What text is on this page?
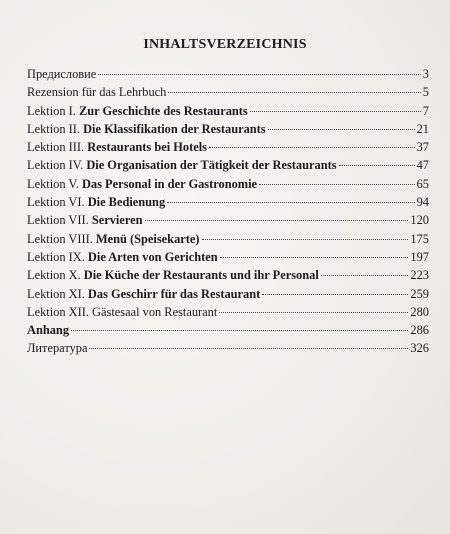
INHALTSVERZEICHNIS
Предисловие	3
Rezension für das Lehrbuch	5
Lektion I. Zur Geschichte des Restaurants	7
Lektion II. Die Klassifikation der Restaurants	21
Lektion III. Restaurants bei Hotels	37
Lektion IV. Die Organisation der Tätigkeit der Restaurants	47
Lektion V. Das Personal in der Gastronomie	65
Lektion VI. Die Bedienung	94
Lektion VII. Servieren	120
Lektion VIII. Menü (Speisekarte)	175
Lektion IX. Die Arten von Gerichten	197
Lektion X. Die Küche der Restaurants und ihr Personal	223
Lektion XI. Das Geschirr für das Restaurant	259
Lektion XII. Gästesaal von Restaurant	280
Anhang	286
Литература	326
